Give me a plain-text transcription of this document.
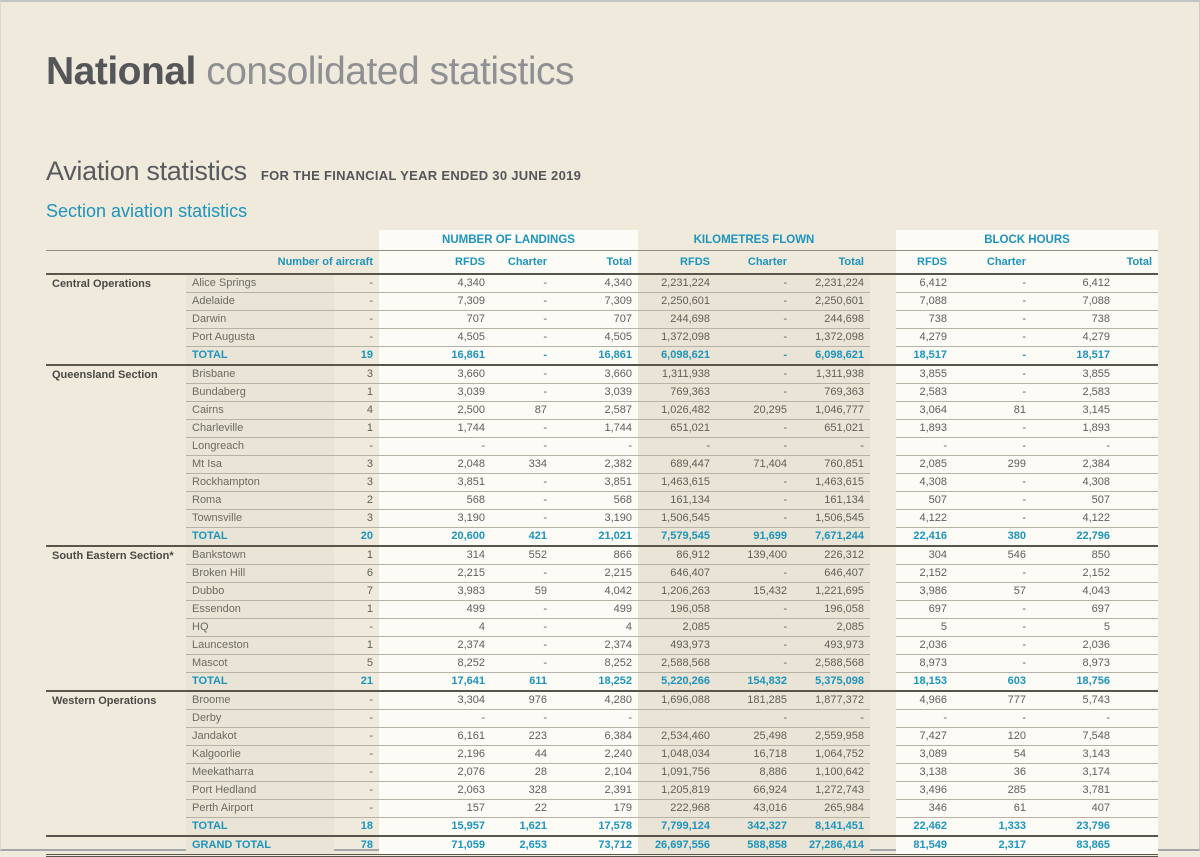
National consolidated statistics
Aviation statistics FOR THE FINANCIAL YEAR ENDED 30 JUNE 2019
Section aviation statistics
			NUMBER OF LANDINGS			KILOMETRES FLOWN				BLOCK HOURS		
	Number of aircraft		RFDS	Charter	Total	RFDS	Charter	Total		RFDS	Charter	Total
Central Operations	Alice Springs	-	4,340	-	4,340	2,231,224	-	2,231,224		6,412	-	6,412
	Adelaide	-	7,309	-	7,309	2,250,601	-	2,250,601		7,088	-	7,088
	Darwin	-	707	-	707	244,698	-	244,698		738	-	738
	Port Augusta	-	4,505	-	4,505	1,372,098	-	1,372,098		4,279	-	4,279
	TOTAL	19	16,861	-	16,861	6,098,621	-	6,098,621		18,517	-	18,517
Queensland Section	Brisbane	3	3,660	-	3,660	1,311,938	-	1,311,938		3,855	-	3,855
	Bundaberg	1	3,039	-	3,039	769,363	-	769,363		2,583	-	2,583
	Cairns	4	2,500	87	2,587	1,026,482	20,295	1,046,777		3,064	81	3,145
	Charleville	1	1,744	-	1,744	651,021	-	651,021		1,893	-	1,893
	Longreach	-	-	-	-	-	-	-		-	-	-
	Mt Isa	3	2,048	334	2,382	689,447	71,404	760,851		2,085	299	2,384
	Rockhampton	3	3,851	-	3,851	1,463,615	-	1,463,615		4,308	-	4,308
	Roma	2	568	-	568	161,134	-	161,134		507	-	507
	Townsville	3	3,190	-	3,190	1,506,545	-	1,506,545		4,122	-	4,122
	TOTAL	20	20,600	421	21,021	7,579,545	91,699	7,671,244		22,416	380	22,796
South Eastern Section*	Bankstown	1	314	552	866	86,912	139,400	226,312		304	546	850
	Broken Hill	6	2,215	-	2,215	646,407	-	646,407		2,152	-	2,152
	Dubbo	7	3,983	59	4,042	1,206,263	15,432	1,221,695		3,986	57	4,043
	Essendon	1	499	-	499	196,058	-	196,058		697	-	697
	HQ	-	4	-	4	2,085	-	2,085		5	-	5
	Launceston	1	2,374	-	2,374	493,973	-	493,973		2,036	-	2,036
	Mascot	5	8,252	-	8,252	2,588,568	-	2,588,568		8,973	-	8,973
	TOTAL	21	17,641	611	18,252	5,220,266	154,832	5,375,098		18,153	603	18,756
Western Operations	Broome	-	3,304	976	4,280	1,696,088	181,285	1,877,372		4,966	777	5,743
	Derby	-	-	-	-		-	-		-	-	-
	Jandakot	-	6,161	223	6,384	2,534,460	25,498	2,559,958		7,427	120	7,548
	Kalgoorlie	-	2,196	44	2,240	1,048,034	16,718	1,064,752		3,089	54	3,143
	Meekatharra	-	2,076	28	2,104	1,091,756	8,886	1,100,642		3,138	36	3,174
	Port Hedland	-	2,063	328	2,391	1,205,819	66,924	1,272,743		3,496	285	3,781
	Perth Airport	-	157	22	179	222,968	43,016	265,984		346	61	407
	TOTAL	18	15,957	1,621	17,578	7,799,124	342,327	8,141,451		22,462	1,333	23,796
	GRAND TOTAL	78	71,059	2,653	73,712	26,697,556	588,858	27,286,414		81,549	2,317	83,865
